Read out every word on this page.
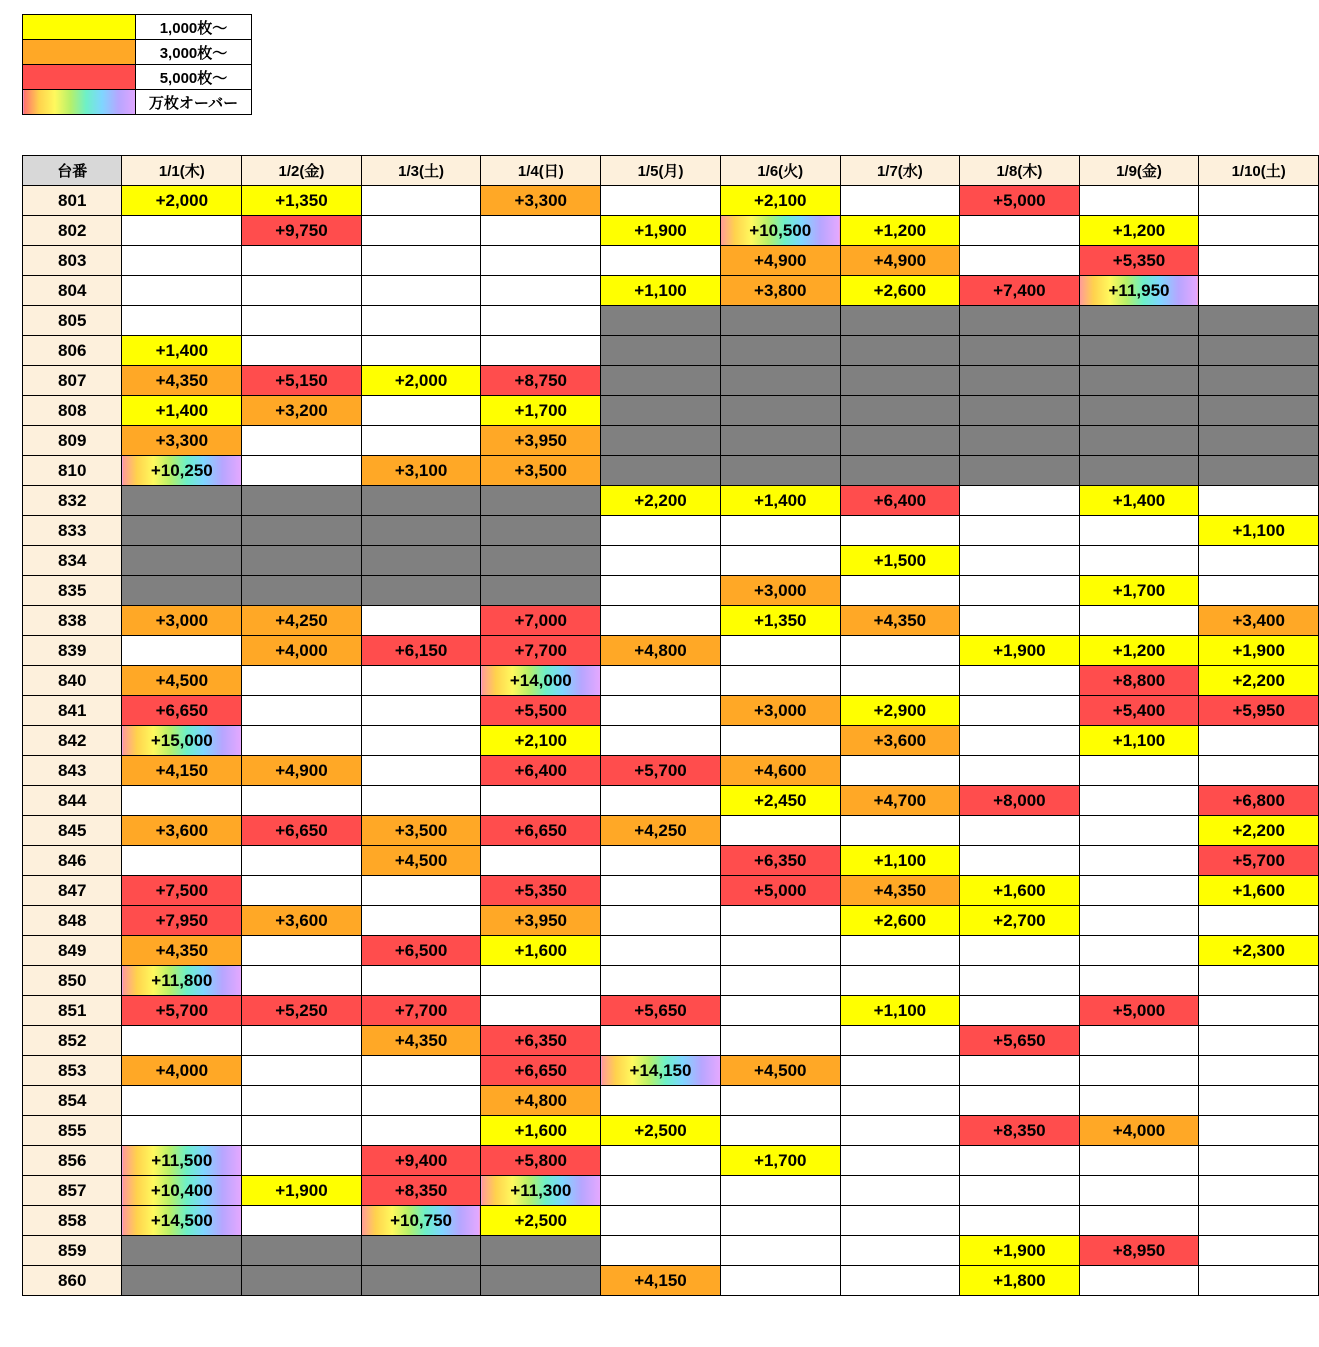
	1,000枚～
	3,000枚～
	5,000枚～
	万枚オーバー
台番	1/1(木)	1/2(金)	1/3(土)	1/4(日)	1/5(月)	1/6(火)	1/7(水)	1/8(木)	1/9(金)	1/10(土)
801	+2,000	+1,350		+3,300		+2,100		+5,000		

802		+9,750			+1,900	+10,500	+1,200		+1,200	

803						+4,900	+4,900		+5,350	

804					+1,100	+3,800	+2,600	+7,400	+11,950	

805	

806	+1,400									

807	+4,350	+5,150	+2,000	+8,750						

808	+1,400	+3,200		+1,700						

809	+3,300			+3,950						

810	+10,250		+3,100	+3,500						

832					+2,200	+1,400	+6,400		+1,400	

833										+1,100

834							+1,500			

835						+3,000			+1,700	

838	+3,000	+4,250		+7,000		+1,350	+4,350			+3,400

839		+4,000	+6,150	+7,700	+4,800			+1,900	+1,200	+1,900

840	+4,500			+14,000					+8,800	+2,200

841	+6,650			+5,500		+3,000	+2,900		+5,400	+5,950

842	+15,000			+2,100			+3,600		+1,100	

843	+4,150	+4,900		+6,400	+5,700	+4,600				

844						+2,450	+4,700	+8,000		+6,800

845	+3,600	+6,650	+3,500	+6,650	+4,250					+2,200

846			+4,500			+6,350	+1,100			+5,700

847	+7,500			+5,350		+5,000	+4,350	+1,600		+1,600

848	+7,950	+3,600		+3,950			+2,600	+2,700		

849	+4,350		+6,500	+1,600						+2,300

850	+11,800									

851	+5,700	+5,250	+7,700		+5,650		+1,100		+5,000	

852			+4,350	+6,350				+5,650		

853	+4,000			+6,650	+14,150	+4,500				

854				+4,800						

855				+1,600	+2,500			+8,350	+4,000	

856	+11,500		+9,400	+5,800		+1,700				

857	+10,400	+1,900	+8,350	+11,300						

858	+14,500		+10,750	+2,500						

859								+1,900	+8,950	

860					+4,150			+1,800		
